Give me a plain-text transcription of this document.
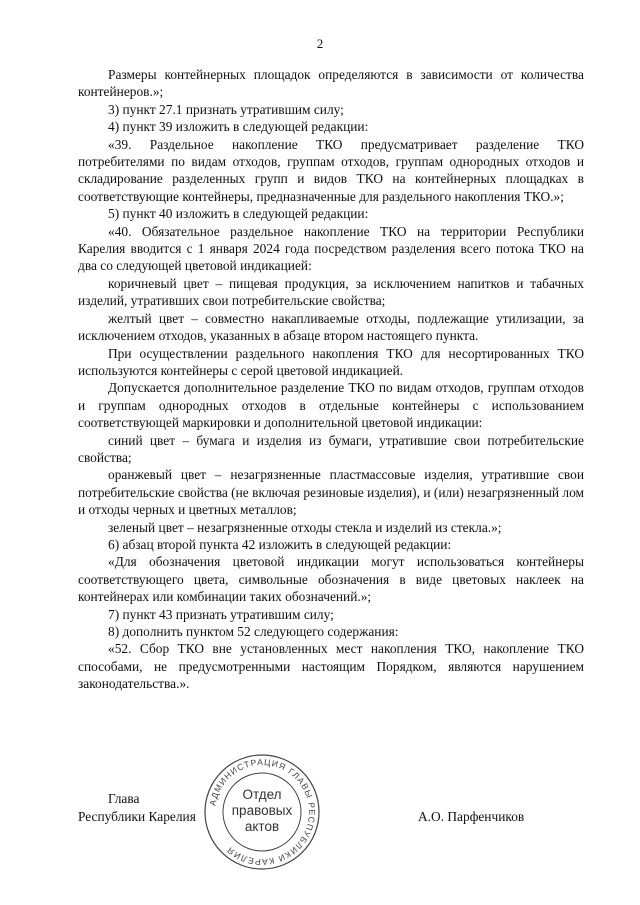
2

Размеры контейнерных площадок определяются в зависимости от количества контейнеров.»;

3) пункт 27.1 признать утратившим силу;

4) пункт 39 изложить в следующей редакции:

«39. Раздельное накопление ТКО предусматривает разделение ТКО потребителями по видам отходов, группам отходов, группам однородных отходов и складирование разделенных групп и видов ТКО на контейнерных площадках в соответствующие контейнеры, предназначенные для раздельного накопления ТКО.»;

5) пункт 40 изложить в следующей редакции:

«40. Обязательное раздельное накопление ТКО на территории Республики Карелия вводится с 1 января 2024 года посредством разделения всего потока ТКО на два со следующей цветовой индикацией:

коричневый цвет – пищевая продукция, за исключением напитков и табачных изделий, утративших свои потребительские свойства;

желтый цвет – совместно накапливаемые отходы, подлежащие утилизации, за исключением отходов, указанных в абзаце втором настоящего пункта.

При осуществлении раздельного накопления ТКО для несортированных ТКО используются контейнеры с серой цветовой индикацией.

Допускается дополнительное разделение ТКО по видам отходов, группам отходов и группам однородных отходов в отдельные контейнеры с использованием соответствующей маркировки и дополнительной цветовой индикации:

синий цвет – бумага и изделия из бумаги, утратившие свои потребительские свойства;

оранжевый цвет – незагрязненные пластмассовые изделия, утратившие свои потребительские свойства (не включая резиновые изделия), и (или) незагрязненный лом и отходы черных и цветных металлов;

зеленый цвет – незагрязненные отходы стекла и изделий из стекла.»;

6) абзац второй пункта 42 изложить в следующей редакции:

«Для обозначения цветовой индикации могут использоваться контейнеры соответствующего цвета, символьные обозначения в виде цветовых наклеек на контейнерах или комбинации таких обозначений.»;

7) пункт 43 признать утратившим силу;

8) дополнить пунктом 52 следующего содержания:

«52. Сбор ТКО вне установленных мест накопления ТКО, накопление ТКО способами, не предусмотренными настоящим Порядком, являются нарушением законодательства.».

Глава
Республики Карелия	А.О. Парфенчиков
АДМИНИСТРАЦИЯ ГЛАВЫ РЕСПУБЛИКИ КАРЕЛИЯ
Отдел
правовых
актов
